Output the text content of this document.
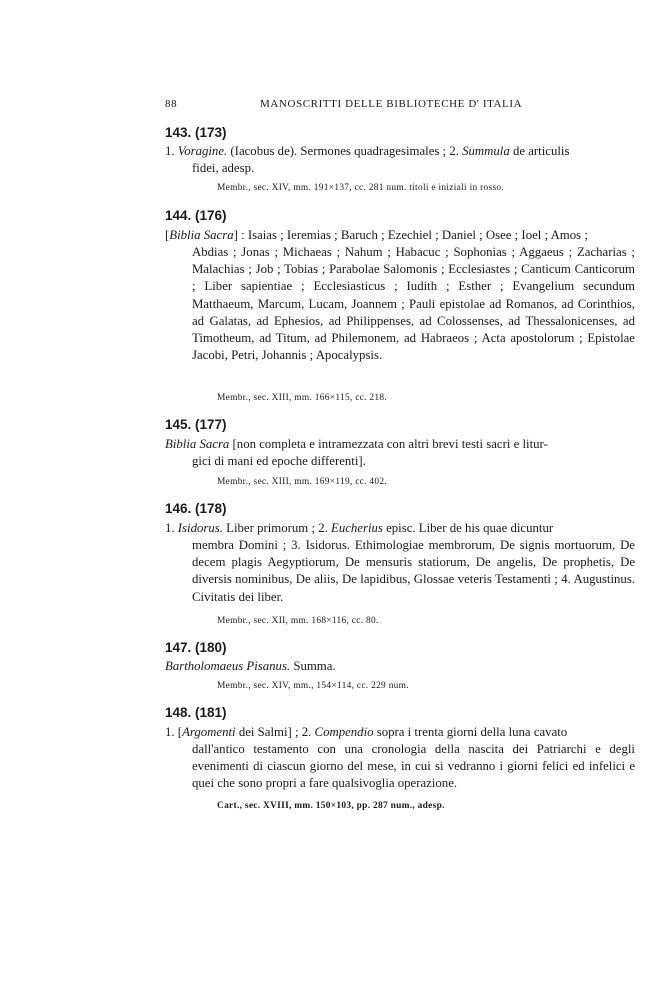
88	MANOSCRITTI DELLE BIBLIOTECHE D' ITALIA
143. (173)

1. Voragine. (Iacobus de). Sermones quadragesimales ; 2. Summula de articulis

fidei, adesp.

Membr., sec. XIV, mm. 191×137, cc. 281 num. titoli e iniziali in rosso.
144. (176)

[Biblia Sacra] : Isaias ; Ieremias ; Baruch ; Ezechiel ; Daniel ; Osee ; Ioel ; Amos ;

Abdias ; Jonas ; Michaeas ; Nahum ; Habacuc ; Sophonias ; Aggaeus ; Zacharias ; Malachias ; Job ; Tobias ; Parabolae Salomonis ; Ecclesiastes ; Canticum Canticorum ; Liber sapientiae ; Ecclesiasticus ; Iudith ; Esther ; Evangelium secundum Matthaeum, Marcum, Lucam, Joannem ; Pauli epistolae ad Romanos, ad Corinthios, ad Galatas, ad Ephesios, ad Philippenses, ad Colossenses, ad Thessalonicenses, ad Timotheum, ad Titum, ad Philemonem, ad Habraeos ; Acta apostolorum ; Epistolae Jacobi, Petri, Johannis ; Apocalypsis.

Membr., sec. XIII, mm. 166×115, cc. 218.
145. (177)

Biblia Sacra [non completa e intramezzata con altri brevi testi sacri e litur-

gici di mani ed epoche differenti].

Membr., sec. XIII, mm. 169×119, cc. 402.
146. (178)

1. Isidorus. Liber primorum ; 2. Eucherius episc. Liber de his quae dicuntur

membra Domini ; 3. Isidorus. Ethimologiae membrorum, De signis mortuorum, De decem plagis Aegyptiorum, De mensuris statiorum, De angelis, De prophetis, De diversis nominibus, De aliis, De lapidibus, Glossae veteris Testamenti ; 4. Augustinus. Civitatis dei liber.

Membr., sec. XII, mm. 168×116, cc. 80.
147. (180)

Bartholomaeus Pisanus. Summa.

Membr., sec. XIV, mm., 154×114, cc. 229 num.
148. (181)

1. [Argomenti dei Salmi] ; 2. Compendio sopra i trenta giorni della luna cavato

dall'antico testamento con una cronologia della nascita dei Patriarchi e degli evenimenti di ciascun giorno del mese, in cui si vedranno i giorni felici ed infelici e quei che sono propri a fare qualsivoglia operazione.

Cart., sec. XVIII, mm. 150×103, pp. 287 num., adesp.
